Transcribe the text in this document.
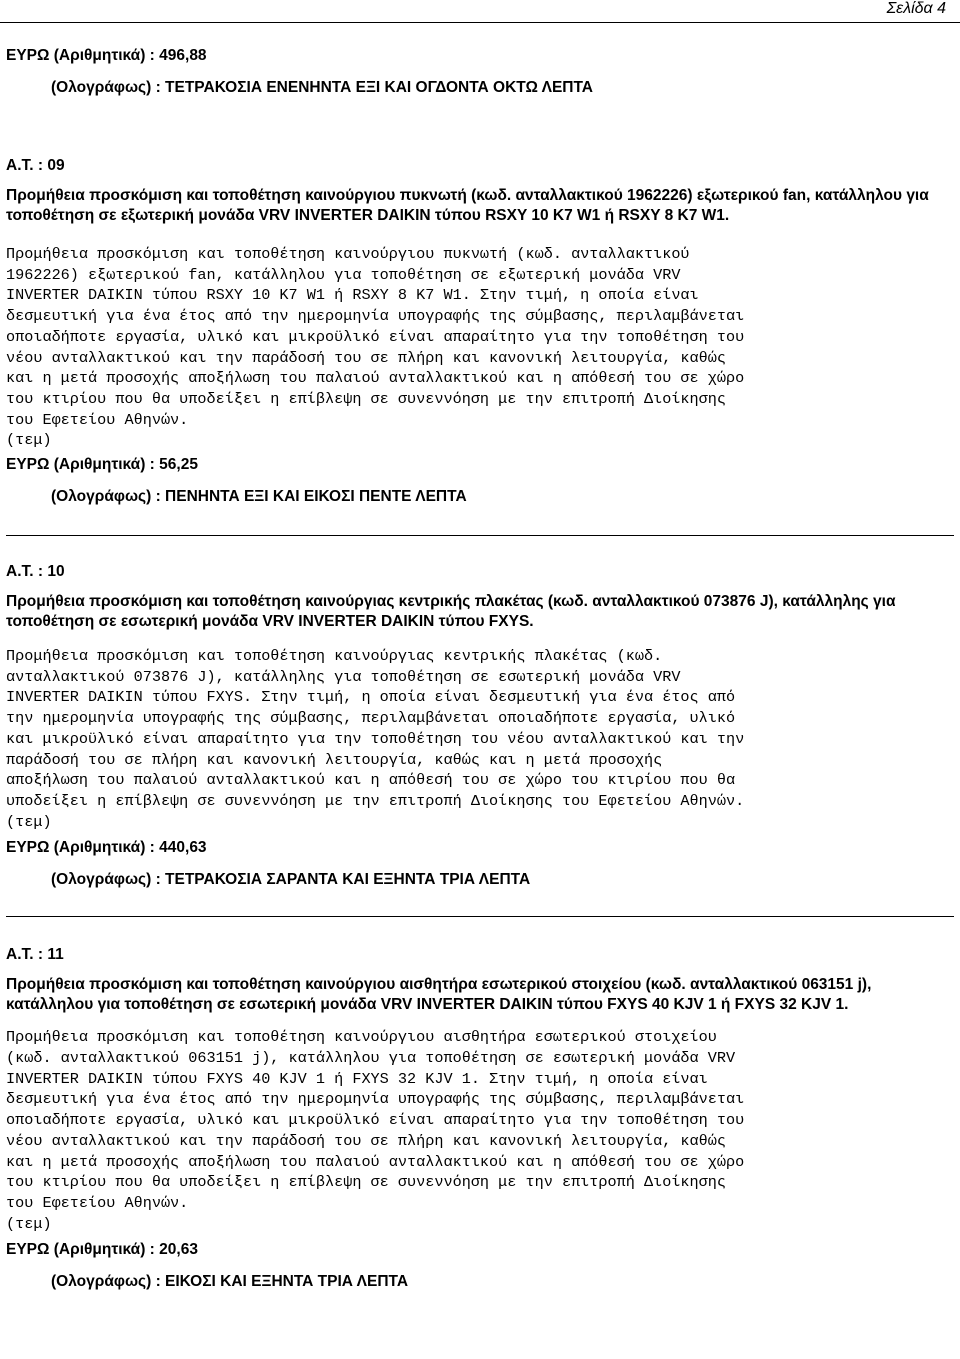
Σελίδα 4

ΕΥΡΩ (Αριθμητικά) : 496,88

(Ολογράφως) : ΤΕΤΡΑΚΟΣΙΑ ΕΝΕΝΗΝΤΑ ΕΞΙ ΚΑΙ ΟΓΔΟΝΤΑ ΟΚΤΩ ΛΕΠΤΑ

Α.Τ. : 09

Προμήθεια προσκόμιση και τοποθέτηση καινούργιου πυκνωτή (κωδ. ανταλλακτικού 1962226) εξωτερικού fan, κατάλληλου για τοποθέτηση σε εξωτερική μονάδα VRV INVERTER DAIKIN τύπου RSXY 10 K7 W1 ή RSXY 8 K7 W1.

Προμήθεια προσκόμιση και τοποθέτηση καινούργιου πυκνωτή (κωδ. ανταλλακτικού
1962226) εξωτερικού fan, κατάλληλου για τοποθέτηση σε εξωτερική μονάδα VRV
INVERTER DAIKIN τύπου RSXY 10 K7 W1 ή RSXY 8 K7 W1. Στην τιμή, η οποία είναι
δεσμευτική για ένα έτος από την ημερομηνία υπογραφής της σύμβασης, περιλαμβάνεται
οποιαδήποτε εργασία, υλικό και μικροϋλικό είναι απαραίτητο για την τοποθέτηση του
νέου ανταλλακτικού και την παράδοσή του σε πλήρη και κανονική λειτουργία, καθώς
και η μετά προσοχής αποξήλωση του παλαιού ανταλλακτικού και η απόθεσή του σε χώρο
του κτιρίου που θα υποδείξει η επίβλεψη σε συνεννόηση με την επιτροπή Διοίκησης
του Εφετείου Αθηνών.
(τεμ)

ΕΥΡΩ (Αριθμητικά) : 56,25

(Ολογράφως) : ΠΕΝΗΝΤΑ ΕΞΙ ΚΑΙ ΕΙΚΟΣΙ ΠΕΝΤΕ ΛΕΠΤΑ

Α.Τ. : 10

Προμήθεια προσκόμιση και τοποθέτηση καινούργιας κεντρικής πλακέτας (κωδ. ανταλλακτικού 073876 J), κατάλληλης για τοποθέτηση σε εσωτερική μονάδα VRV INVERTER DAIKIN τύπου FXYS.

Προμήθεια προσκόμιση και τοποθέτηση καινούργιας κεντρικής πλακέτας (κωδ.
ανταλλακτικού 073876 J), κατάλληλης για τοποθέτηση σε εσωτερική μονάδα VRV
INVERTER DAIKIN τύπου FXYS. Στην τιμή, η οποία είναι δεσμευτική για ένα έτος από
την ημερομηνία υπογραφής της σύμβασης, περιλαμβάνεται οποιαδήποτε εργασία, υλικό
και μικροϋλικό είναι απαραίτητο για την τοποθέτηση του νέου ανταλλακτικού και την
παράδοσή του σε πλήρη και κανονική λειτουργία, καθώς και η μετά προσοχής
αποξήλωση του παλαιού ανταλλακτικού και η απόθεσή του σε χώρο του κτιρίου που θα
υποδείξει η επίβλεψη σε συνεννόηση με την επιτροπή Διοίκησης του Εφετείου Αθηνών.
(τεμ)

ΕΥΡΩ (Αριθμητικά) : 440,63

(Ολογράφως) : ΤΕΤΡΑΚΟΣΙΑ ΣΑΡΑΝΤΑ ΚΑΙ ΕΞΗΝΤΑ ΤΡΙΑ ΛΕΠΤΑ

Α.Τ. : 11

Προμήθεια προσκόμιση και τοποθέτηση καινούργιου αισθητήρα εσωτερικού στοιχείου (κωδ. ανταλλακτικού 063151 j), κατάλληλου για τοποθέτηση σε εσωτερική μονάδα VRV INVERTER DAIKIN τύπου FXYS 40 KJV 1 ή FXYS 32 KJV 1.

Προμήθεια προσκόμιση και τοποθέτηση καινούργιου αισθητήρα εσωτερικού στοιχείου
(κωδ. ανταλλακτικού 063151 j), κατάλληλου για τοποθέτηση σε εσωτερική μονάδα VRV
INVERTER DAIKIN τύπου FXYS 40 KJV 1 ή FXYS 32 KJV 1. Στην τιμή, η οποία είναι
δεσμευτική για ένα έτος από την ημερομηνία υπογραφής της σύμβασης, περιλαμβάνεται
οποιαδήποτε εργασία, υλικό και μικροϋλικό είναι απαραίτητο για την τοποθέτηση του
νέου ανταλλακτικού και την παράδοσή του σε πλήρη και κανονική λειτουργία, καθώς
και η μετά προσοχής αποξήλωση του παλαιού ανταλλακτικού και η απόθεσή του σε χώρο
του κτιρίου που θα υποδείξει η επίβλεψη σε συνεννόηση με την επιτροπή Διοίκησης
του Εφετείου Αθηνών.
(τεμ)

ΕΥΡΩ (Αριθμητικά) : 20,63

(Ολογράφως) : ΕΙΚΟΣΙ ΚΑΙ ΕΞΗΝΤΑ ΤΡΙΑ ΛΕΠΤΑ
